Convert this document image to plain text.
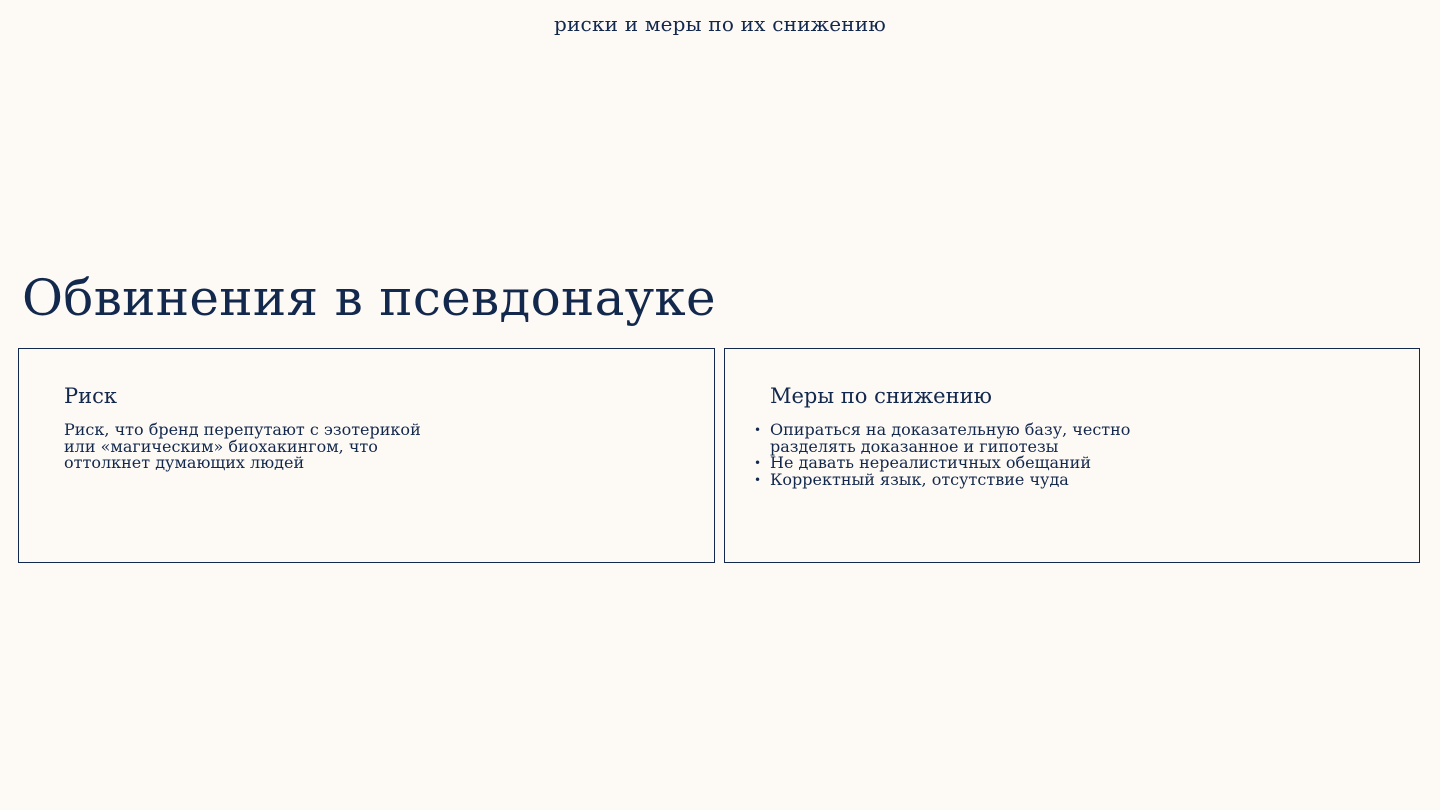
риски и меры по их снижению
Обвинения в псевдонауке
Риск

Риск, что бренд перепутают с эзотерикой или «магическим» биохакингом, что оттолкнет думающих людей

Меры по снижению
• Опираться на доказательную базу, честно разделять доказанное и гипотезы
• Не давать нереалистичных обещаний
• Корректный язык, отсутствие чуда
